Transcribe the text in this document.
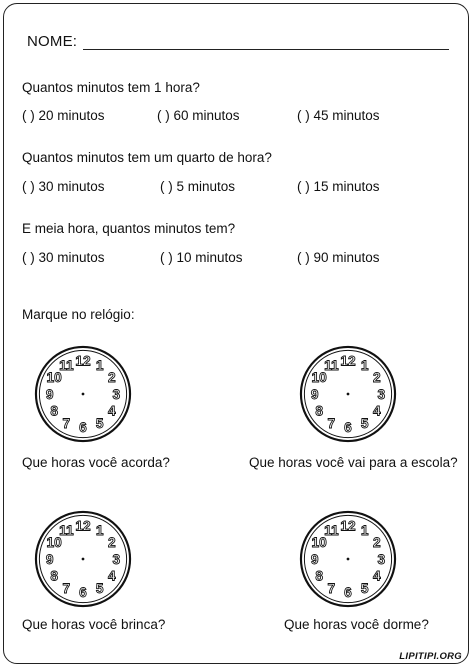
NOME:
Quantos minutos tem 1 hora?
( ) 20 minutos	( ) 60 minutos	( ) 45 minutos
Quantos minutos tem um quarto de hora?
( ) 30 minutos	( ) 5 minutos	( ) 15 minutos
E meia hora, quantos minutos tem?
( ) 30 minutos	( ) 10 minutos	( ) 90 minutos
Marque no relógio:
12 1
2
3
4
5
6
7
8
9
10
11	12 1
2
3
4
5
6
7
8
9
10
11
12 1
2
3
4
5
6
7
8
9
10
11	12 1
2
3
4
5
6
7
8
9
10
11
Que horas você acorda?	Que horas você vai para a escola?
Que horas você brinca?	Que horas você dorme?
LIPITIPI.ORG
